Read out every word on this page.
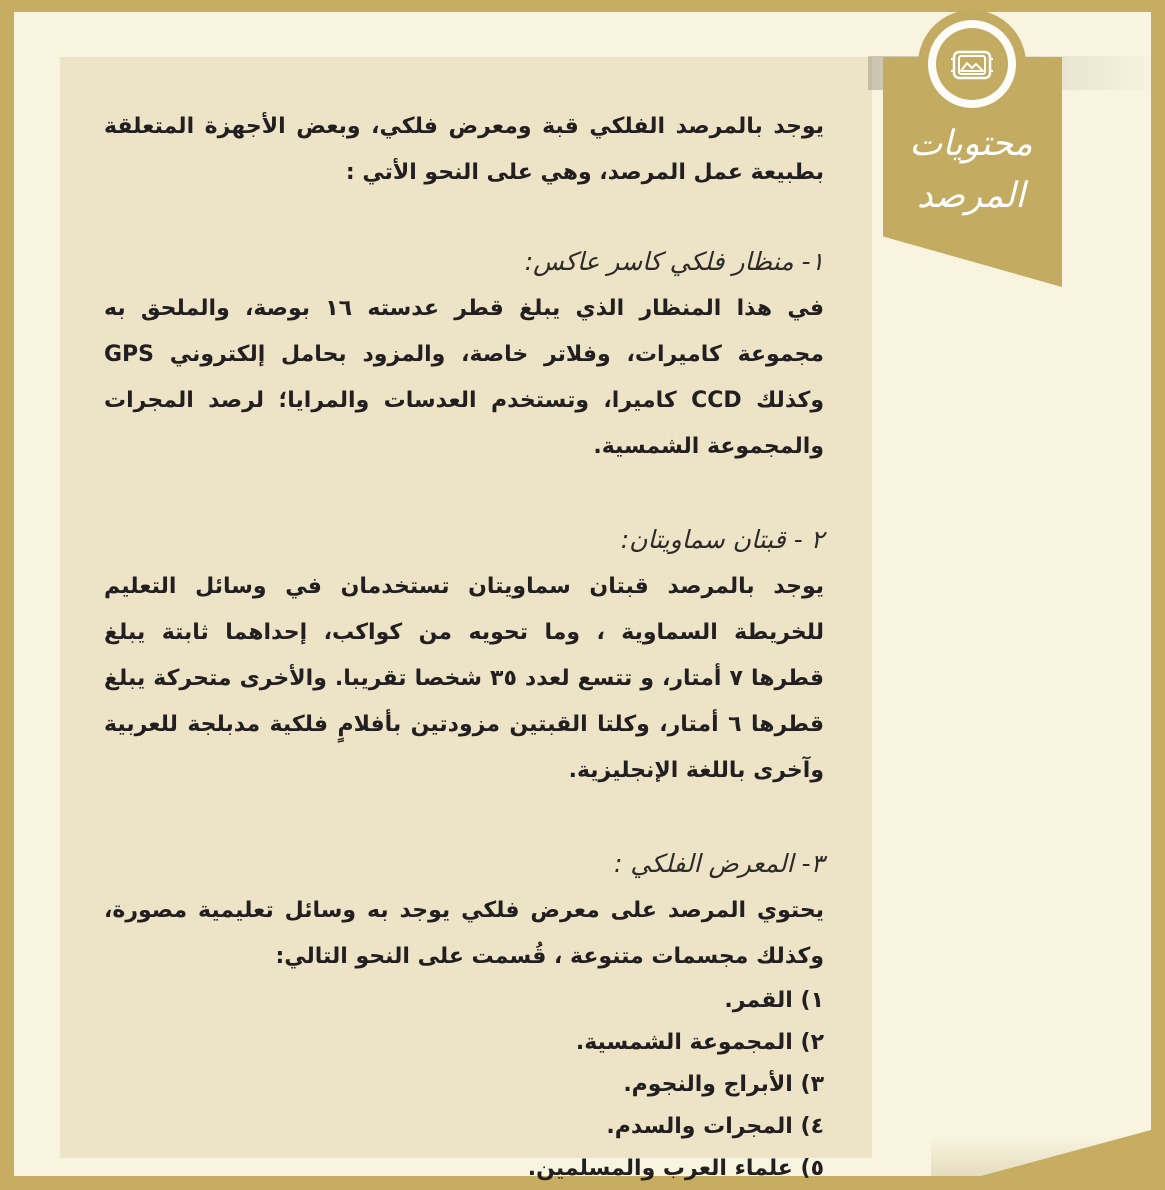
محتويات المرصد

يوجد بالمرصد الفلكي قبة ومعرض فلكي، وبعض الأجهزة المتعلقة بطبيعة عمل المرصد، وهي على النحو الأتي :

١- منظار فلكي كاسر عاكس:

في هذا المنظار الذي يبلغ قطر عدسته ١٦ بوصة، والملحق به مجموعة كاميرات، وفلاتر خاصة، والمزود بحامل إلكتروني GPS وكذلك CCD كاميرا، وتستخدم العدسات والمرايا؛ لرصد المجرات والمجموعة الشمسية.

٢ - قبتان سماويتان:

يوجد بالمرصد قبتان سماويتان تستخدمان في وسائل التعليم للخريطة السماوية ، وما تحويه من كواكب، إحداهما ثابتة يبلغ قطرها ٧ أمتار، و تتسع لعدد ٣٥ شخصا تقريبا. والأخرى متحركة يبلغ قطرها ٦ أمتار، وكلتا القبتين مزودتين بأفلامٍ فلكية مدبلجة للعربية وآخرى باللغة الإنجليزية.

٣- المعرض الفلكي :

يحتوي المرصد على معرض فلكي يوجد به وسائل تعليمية مصورة، وكذلك مجسمات متنوعة ، قُسمت على النحو التالي:

١) القمر.
٢) المجموعة الشمسية.
٣) الأبراج والنجوم.
٤) المجرات والسدم.
٥) علماء العرب والمسلمين.
